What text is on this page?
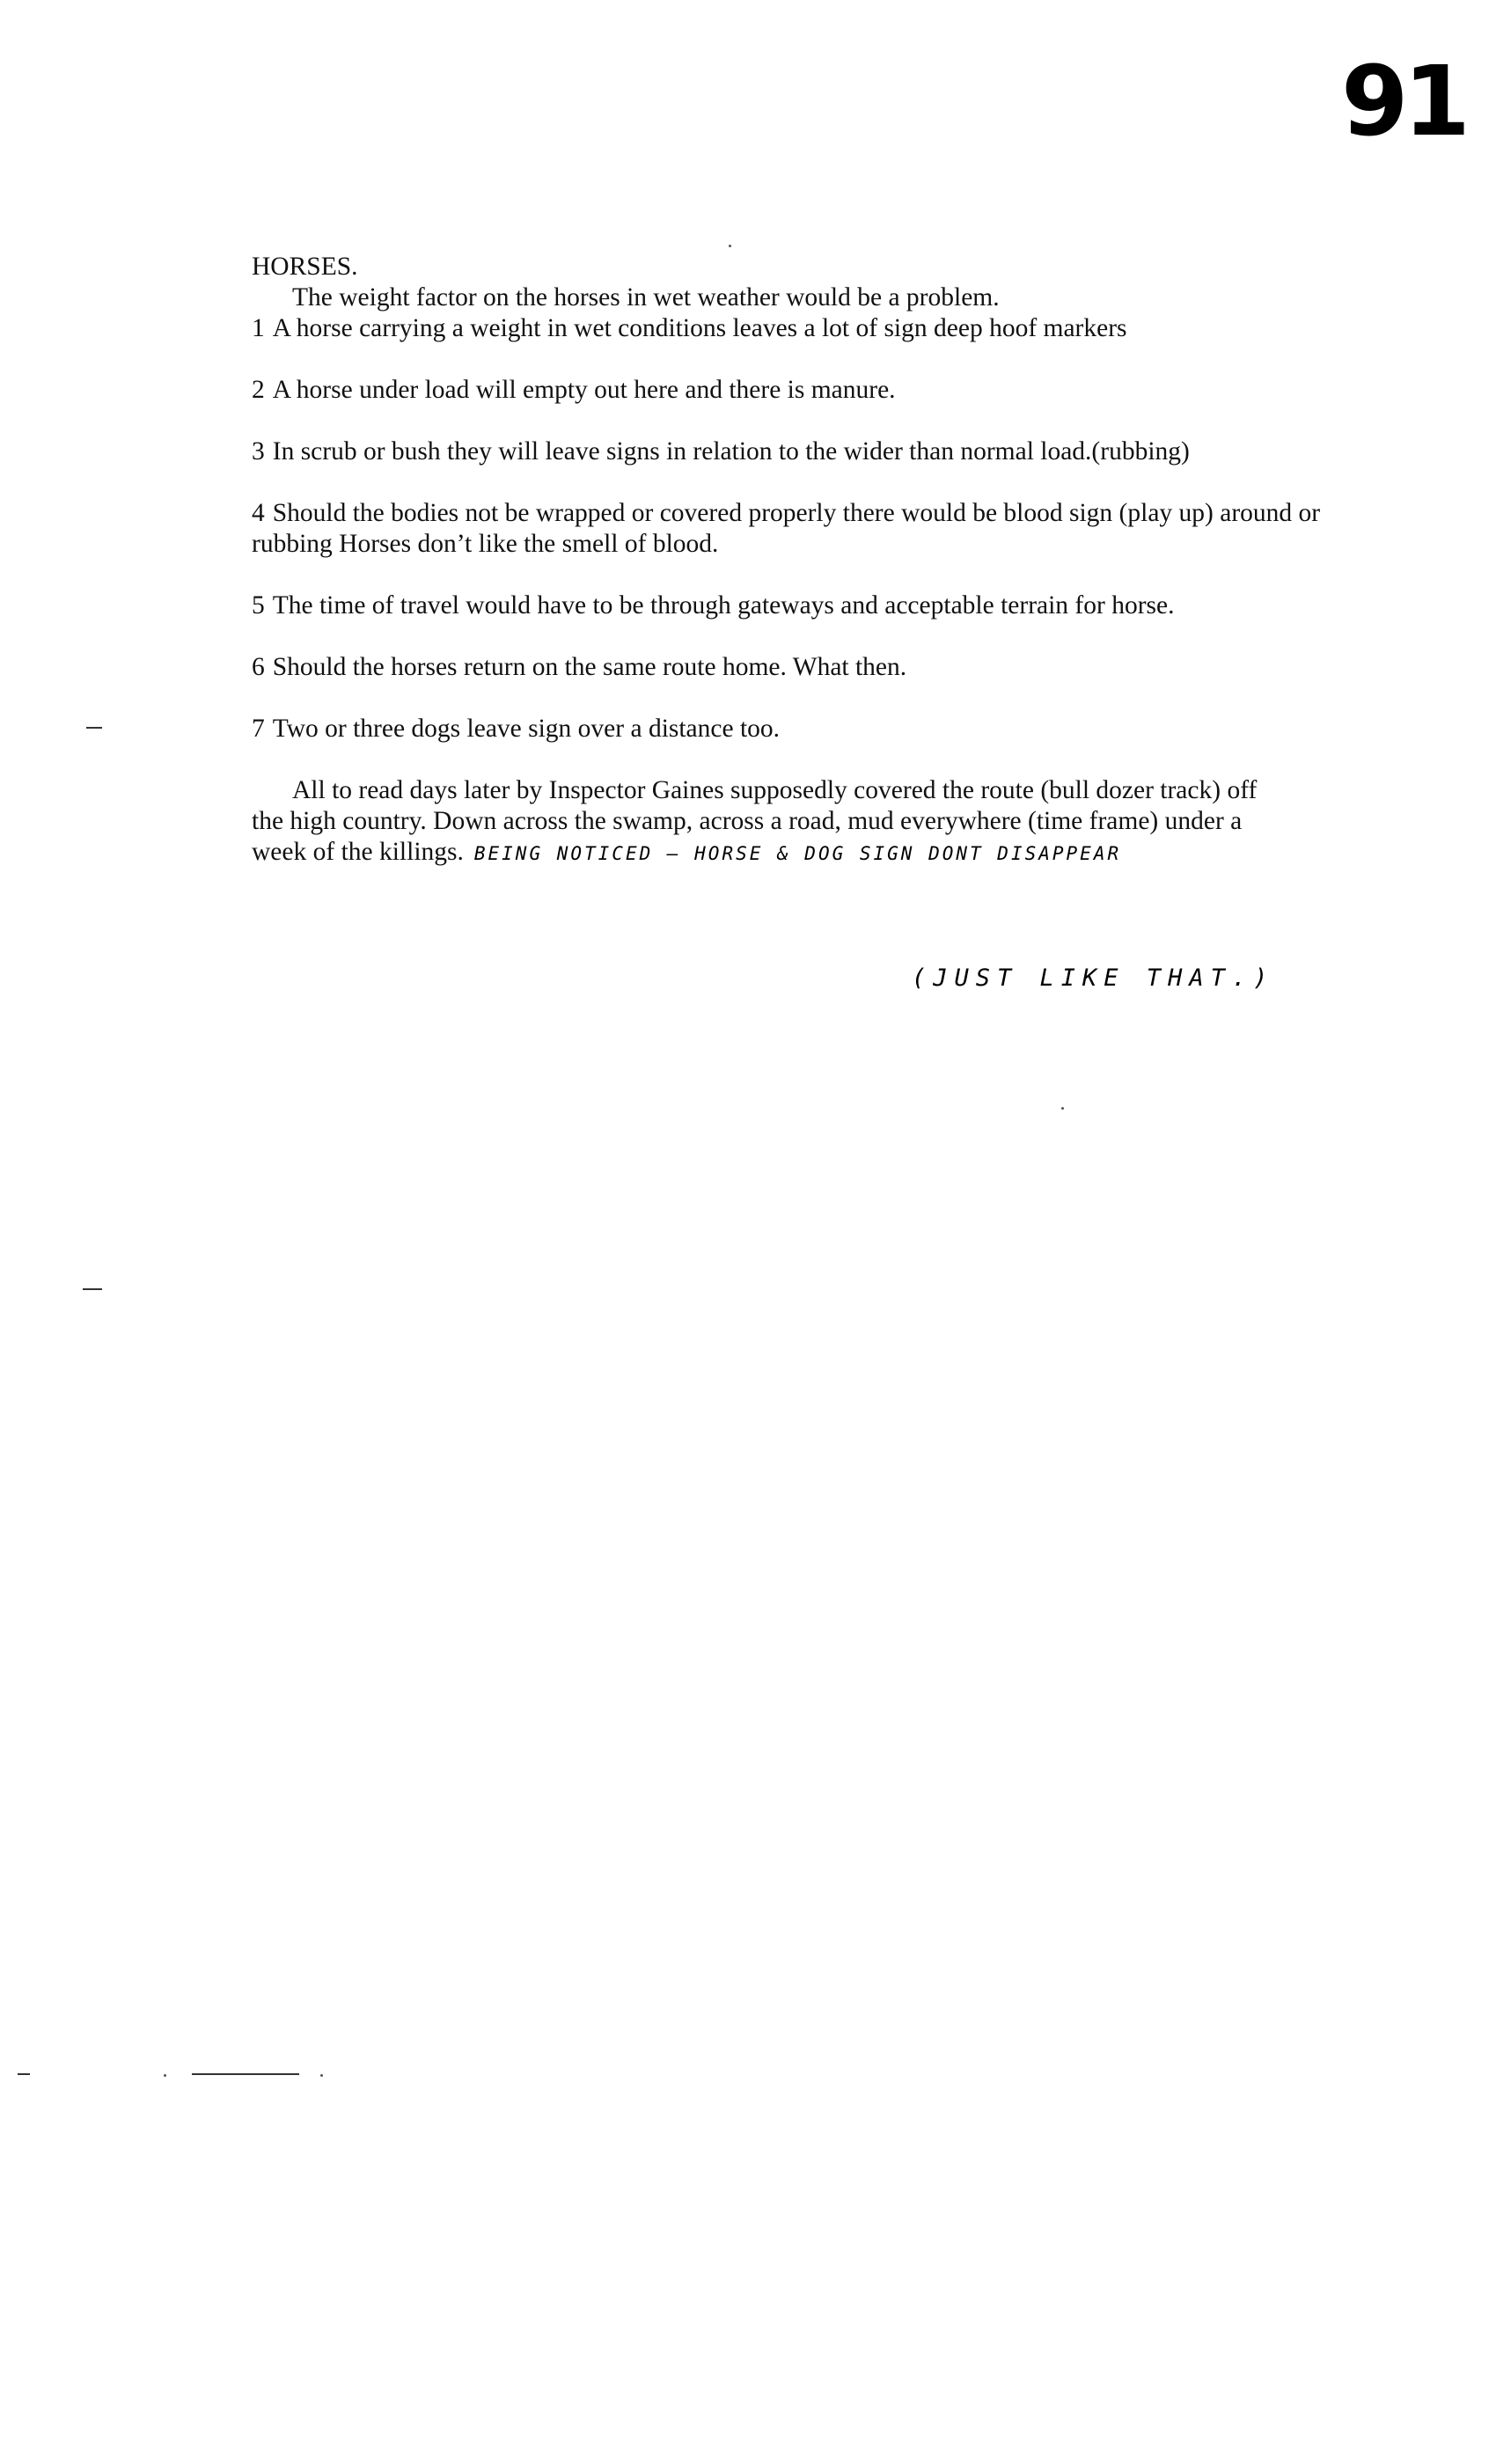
91
HORSES.

The weight factor on the horses in wet weather would be a problem.

1 A horse carrying a weight in wet conditions leaves a lot of sign deep hoof markers

2 A horse under load will empty out here and there is manure.

3 In scrub or bush they will leave signs in relation to the wider than normal load.(rubbing)

4 Should the bodies not be wrapped or covered properly there would be blood sign (play up) around or rubbing Horses don’t like the smell of blood.

5 The time of travel would have to be through gateways and acceptable terrain for horse.

6 Should the horses return on the same route home. What then.

7 Two or three dogs leave sign over a distance too.

All to read days later by Inspector Gaines supposedly covered the route (bull dozer track) off the high country. Down across the swamp, across a road, mud everywhere (time frame) under a week of the killings. BEING NOTICED — HORSE & DOG SIGN DONT DISAPPEAR

(JUST LIKE THAT.)
